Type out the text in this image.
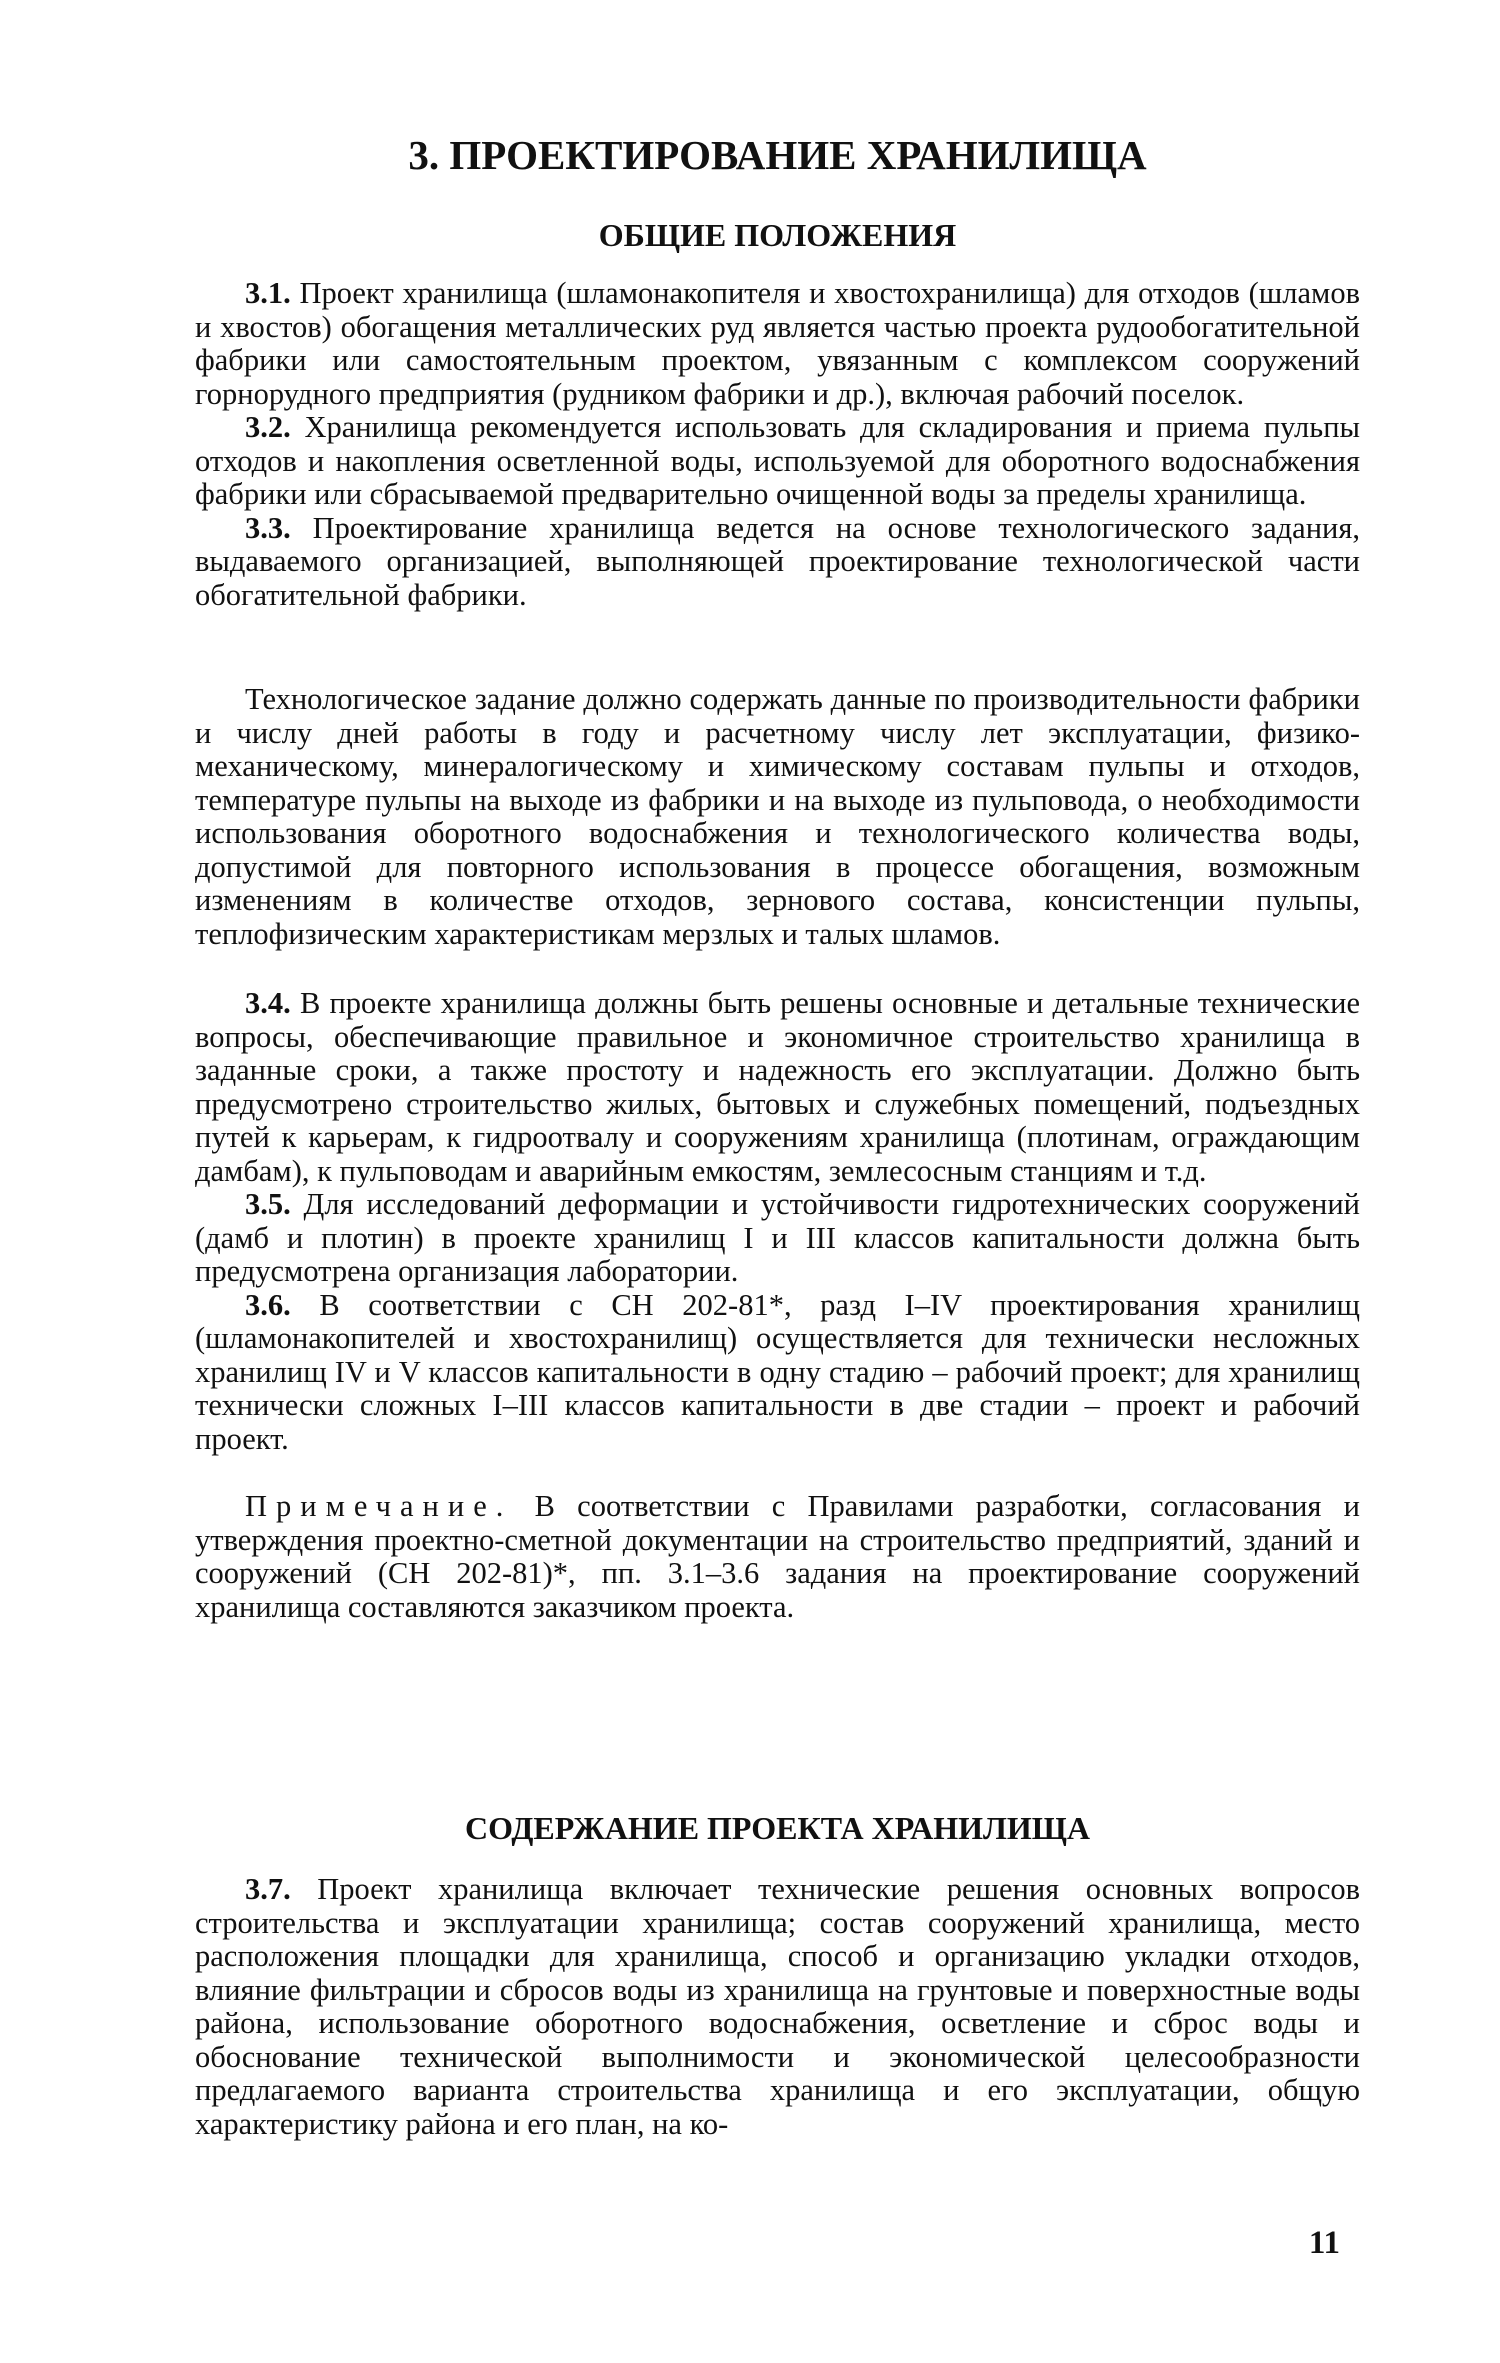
3. ПРОЕКТИРОВАНИЕ ХРАНИЛИЩА
ОБЩИЕ ПОЛОЖЕНИЯ

3.1. Проект хранилища (шламонакопителя и хвостохранилища) для отходов (шламов и хвостов) обогащения металлических руд является частью проекта рудообогатительной фабрики или самостоятельным проектом, увязанным с комплексом сооружений горнорудного предприятия (рудником фабрики и др.), включая рабочий поселок.

3.2. Хранилища рекомендуется использовать для складирования и приема пульпы отходов и накопления осветленной воды, используемой для оборотного водоснабжения фабрики или сбрасываемой предварительно очищенной воды за пределы хранилища.

3.3. Проектирование хранилища ведется на основе технологического задания, выдаваемого организацией, выполняющей проектирование технологической части обогатительной фабрики.

Технологическое задание должно содержать данные по производительности фабрики и числу дней работы в году и расчетному числу лет эксплуатации, физико-механическому, минералогическому и химическому составам пульпы и отходов, температуре пульпы на выходе из фабрики и на выходе из пульповода, о необходимости использования оборотного водоснабжения и технологического количества воды, допустимой для повторного использования в процессе обогащения, возможным изменениям в количестве отходов, зернового состава, консистенции пульпы, теплофизическим характеристикам мерзлых и талых шламов.

3.4. В проекте хранилища должны быть решены основные и детальные технические вопросы, обеспечивающие правильное и экономичное строительство хранилища в заданные сроки, а также простоту и надежность его эксплуатации. Должно быть предусмотрено строительство жилых, бытовых и служебных помещений, подъездных путей к карьерам, к гидроотвалу и сооружениям хранилища (плотинам, ограждающим дамбам), к пульповодам и аварийным емкостям, землесосным станциям и т.д.

3.5. Для исследований деформации и устойчивости гидротехнических сооружений (дамб и плотин) в проекте хранилищ I и III классов капитальности должна быть предусмотрена организация лаборатории.

3.6. В соответствии с СН 202-81*, разд I–IV проектирования хранилищ (шламонакопителей и хвостохранилищ) осуществляется для технически несложных хранилищ IV и V классов капитальности в одну стадию – рабочий проект; для хранилищ технически сложных I–III классов капитальности в две стадии – проект и рабочий проект.

Примечание. В соответствии с Правилами разработки, согласования и утверждения проектно-сметной документации на строительство предприятий, зданий и сооружений (СН 202-81)*, пп. 3.1–3.6 задания на проектирование сооружений хранилища составляются заказчиком проекта.

СОДЕРЖАНИЕ ПРОЕКТА ХРАНИЛИЩА

3.7. Проект хранилища включает технические решения основных вопросов строительства и эксплуатации хранилища; состав сооружений хранилища, место расположения площадки для хранилища, способ и организацию укладки отходов, влияние фильтрации и сбросов воды из хранилища на грунтовые и поверхностные воды района, использование оборотного водоснабжения, осветление и сброс воды и обоснование технической выполнимости и экономической целесообразности предлагаемого варианта строительства хранилища и его эксплуатации, общую характеристику района и его план, на ко-

11
